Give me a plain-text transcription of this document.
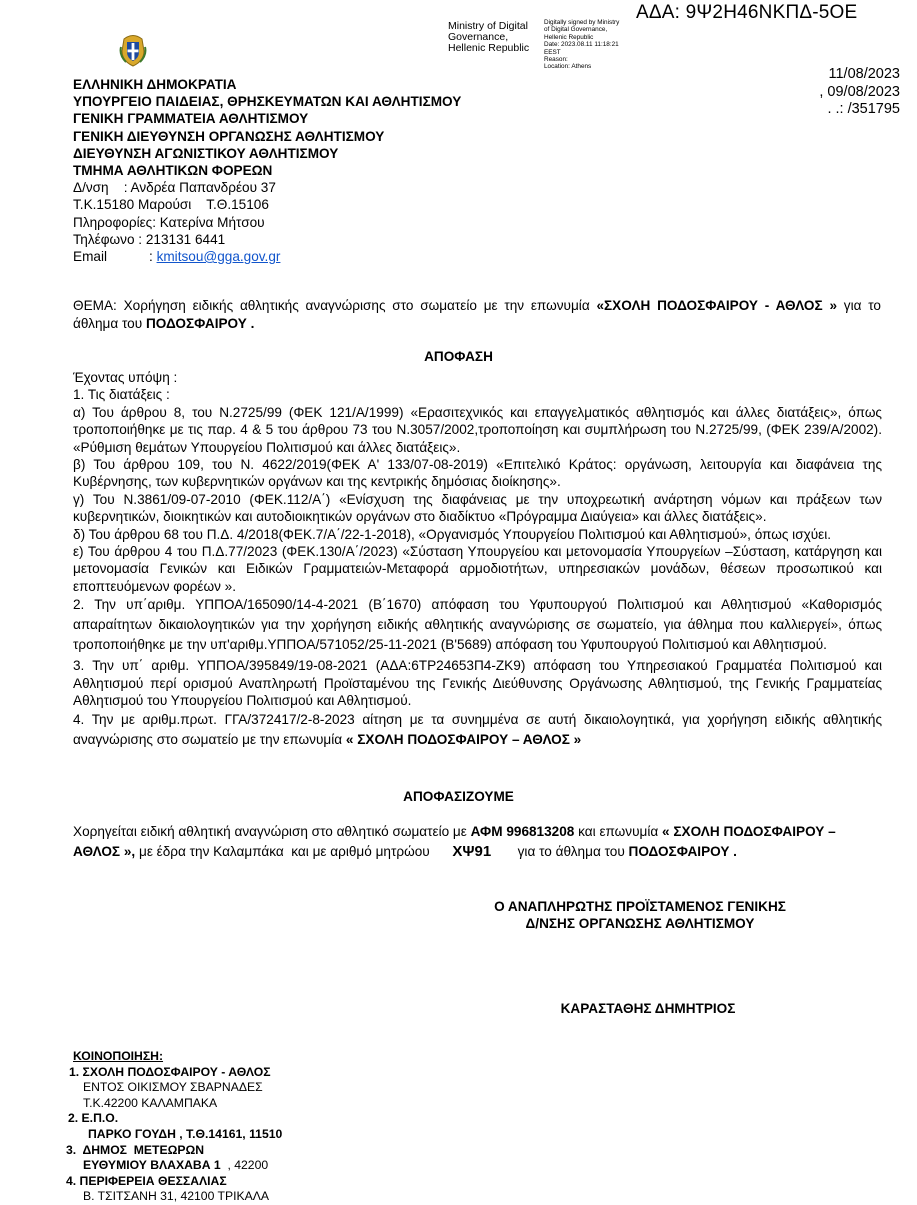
ΑΔΑ: 9Ψ2Η46ΝΚΠΔ-5ΟΕ
Ministry of Digital
Governance,
Hellenic Republic
Digitally signed by Ministry
of Digital Governance,
Hellenic Republic
Date: 2023.08.11 11:18:21
EEST
Reason:
Location: Athens	11/08/2023
, 09/08/2023
. .: /351795
ΕΛΛΗΝΙΚΗ ΔΗΜΟΚΡΑΤΙΑ
ΥΠΟΥΡΓΕΙΟ ΠΑΙΔΕΙΑΣ, ΘΡΗΣΚΕΥΜΑΤΩΝ ΚΑΙ ΑΘΛΗΤΙΣΜΟΥ
ΓΕΝΙΚΗ ΓΡΑΜΜΑΤΕΙΑ ΑΘΛΗΤΙΣΜΟΥ
ΓΕΝΙΚΗ ΔΙΕΥΘΥΝΣΗ ΟΡΓΑΝΩΣΗΣ ΑΘΛΗΤΙΣΜΟΥ
ΔΙΕΥΘΥΝΣΗ ΑΓΩΝΙΣΤΙΚΟΥ ΑΘΛΗΤΙΣΜΟΥ
ΤΜΗΜΑ ΑΘΛΗΤΙΚΩΝ ΦΟΡΕΩΝ
Δ/νση    : Ανδρέα Παπανδρέου 37
Τ.Κ.15180 Μαρούσι    Τ.Θ.15106
Πληροφορίες: Κατερίνα Μήτσου
Τηλέφωνο : 213131 6441
Email	: kmitsou@gga.gov.gr
ΘΕΜΑ: Χορήγηση ειδικής αθλητικής αναγνώρισης στο σωματείο με την επωνυμία «ΣΧΟΛΗ ΠΟΔΟΣΦΑΙΡΟΥ - ΑΘΛΟΣ » για το άθλημα του ΠΟΔΟΣΦΑΙΡΟΥ .
ΑΠΟΦΑΣΗ

Έχοντας υπόψη :

1. Τις διατάξεις :

α) Του άρθρου 8, του Ν.2725/99 (ΦΕΚ 121/Α/1999) «Ερασιτεχνικός και επαγγελματικός αθλητισμός και άλλες διατάξεις», όπως τροποποιήθηκε με τις παρ. 4 & 5 του άρθρου 73 του Ν.3057/2002,τροποποίηση και συμπλήρωση του Ν.2725/99, (ΦΕΚ 239/Α/2002). «Ρύθμιση θεμάτων Υπουργείου Πολιτισμού και άλλες διατάξεις».

β) Του άρθρου 109, του Ν. 4622/2019(ΦΕΚ Α' 133/07-08-2019) «Επιτελικό Κράτος: οργάνωση, λειτουργία και διαφάνεια της Κυβέρνησης, των κυβερνητικών οργάνων και της κεντρικής δημόσιας διοίκησης».

γ) Του Ν.3861/09-07-2010 (ΦΕΚ.112/Α΄) «Ενίσχυση της διαφάνειας με την υποχρεωτική ανάρτηση νόμων και πράξεων των κυβερνητικών, διοικητικών και αυτοδιοικητικών οργάνων στο διαδίκτυο «Πρόγραμμα Διαύγεια» και άλλες διατάξεις».

δ) Του άρθρου 68 του Π.Δ. 4/2018(ΦΕΚ.7/Α΄/22-1-2018), «Οργανισμός Υπουργείου Πολιτισμού και Αθλητισμού», όπως ισχύει.

ε) Του άρθρου 4 του Π.Δ.77/2023 (ΦΕΚ.130/Α΄/2023) «Σύσταση Υπουργείου και μετονομασία Υπουργείων –Σύσταση, κατάργηση και μετονομασία Γενικών και Ειδικών Γραμματειών-Μεταφορά αρμοδιοτήτων, υπηρεσιακών μονάδων, θέσεων προσωπικού και εποπτευόμενων φορέων ».

2. Την υπ΄αριθμ. ΥΠΠΟΑ/165090/14-4-2021 (Β΄1670) απόφαση του Υφυπουργού Πολιτισμού και Αθλητισμού «Καθορισμός απαραίτητων δικαιολογητικών για την χορήγηση ειδικής αθλητικής αναγνώρισης σε σωματείο, για άθλημα που καλλιεργεί», όπως τροποποιήθηκε με την υπ'αριθμ.ΥΠΠΟΑ/571052/25-11-2021 (Β'5689) απόφαση του Υφυπουργού Πολιτισμού και Αθλητισμού.

3. Την υπ΄ αριθμ. ΥΠΠΟΑ/395849/19-08-2021 (ΑΔΑ:6ΤΡ24653Π4-ΖΚ9) απόφαση του Υπηρεσιακού Γραμματέα Πολιτισμού και Αθλητισμού περί ορισμού Αναπληρωτή Προϊσταμένου της Γενικής Διεύθυνσης Οργάνωσης Αθλητισμού, της Γενικής Γραμματείας Αθλητισμού του Υπουργείου Πολιτισμού και Αθλητισμού.

4. Την με αριθμ.πρωτ. ΓΓΑ/372417/2-8-2023 αίτηση με τα συνημμένα σε αυτή δικαιολογητικά, για χορήγηση ειδικής αθλητικής αναγνώρισης στο σωματείο με την επωνυμία « ΣΧΟΛΗ ΠΟΔΟΣΦΑΙΡΟΥ – ΑΘΛΟΣ »

ΑΠΟΦΑΣΙΖΟΥΜΕ
Χορηγείται ειδική αθλητική αναγνώριση στο αθλητικό σωματείο με ΑΦΜ 996813208 και επωνυμία « ΣΧΟΛΗ ΠΟΔΟΣΦΑΙΡΟΥ – ΑΘΛΟΣ », με έδρα την Καλαμπάκα  και με αριθμό μητρώου      ΧΨ91       για το άθλημα του ΠΟΔΟΣΦΑΙΡΟΥ .
Ο ΑΝΑΠΛΗΡΩΤΗΣ ΠΡΟΪΣΤΑΜΕΝΟΣ ΓΕΝΙΚΗΣ
Δ/ΝΣΗΣ ΟΡΓΑΝΩΣΗΣ ΑΘΛΗΤΙΣΜΟΥ
ΚΑΡΑΣΤΑΘΗΣ ΔΗΜΗΤΡΙΟΣ
ΚΟΙΝΟΠΟΙΗΣΗ:
1. ΣΧΟΛΗ ΠΟΔΟΣΦΑΙΡΟΥ - ΑΘΛΟΣ
ΕΝΤΟΣ ΟΙΚΙΣΜΟΥ ΣΒΑΡΝΑΔΕΣ
Τ.Κ.42200 ΚΑΛΑΜΠΑΚΑ
2. Ε.Π.Ο.
ΠΑΡΚΟ ΓΟΥΔΗ , Τ.Θ.14161, 11510
3.  ΔΗΜΟΣ  ΜΕΤΕΩΡΩΝ
ΕΥΘΥΜΙΟΥ ΒΛΑΧΑΒΑ 1  , 42200
4. ΠΕΡΙΦΕΡΕΙΑ ΘΕΣΣΑΛΙΑΣ
Β. ΤΣΙΤΣΑΝΗ 31, 42100 ΤΡΙΚΑΛΑ
